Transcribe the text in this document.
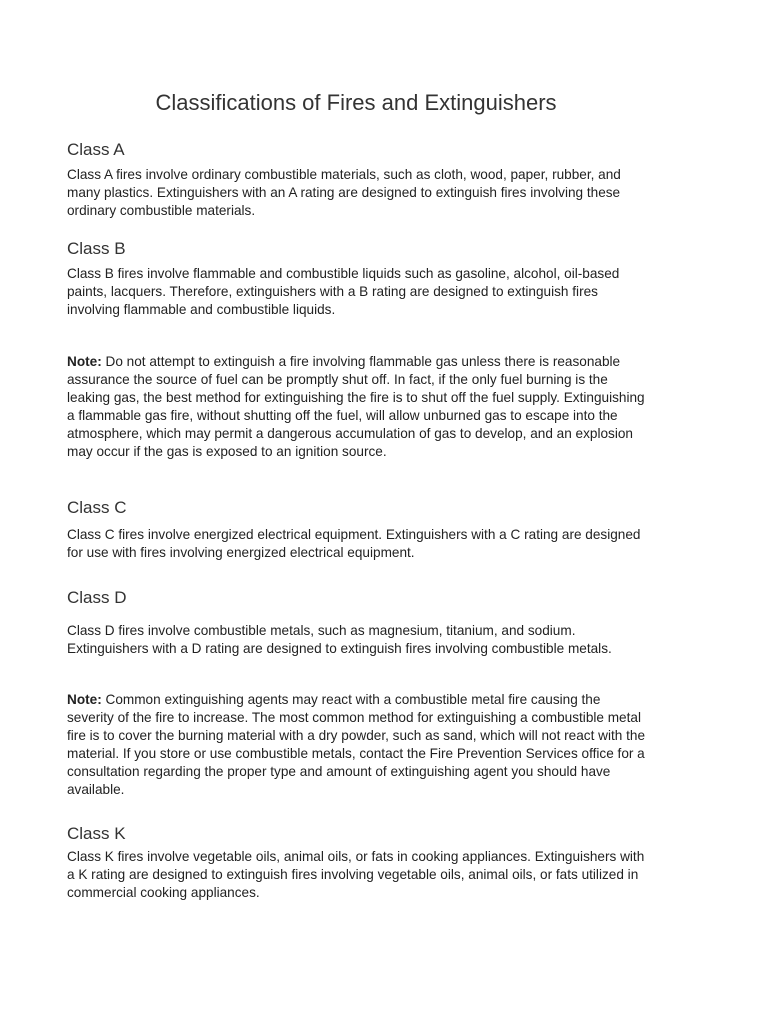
Classifications of Fires and Extinguishers
Class A

Class A fires involve ordinary combustible materials, such as cloth, wood, paper, rubber, and many plastics. Extinguishers with an A rating are designed to extinguish fires involving these ordinary combustible materials.

Class B

Class B fires involve flammable and combustible liquids such as gasoline, alcohol, oil-based paints, lacquers. Therefore, extinguishers with a B rating are designed to extinguish fires involving flammable and combustible liquids.

Note: Do not attempt to extinguish a fire involving flammable gas unless there is reasonable assurance the source of fuel can be promptly shut off. In fact, if the only fuel burning is the leaking gas, the best method for extinguishing the fire is to shut off the fuel supply. Extinguishing a flammable gas fire, without shutting off the fuel, will allow unburned gas to escape into the atmosphere, which may permit a dangerous accumulation of gas to develop, and an explosion may occur if the gas is exposed to an ignition source.

Class C

Class C fires involve energized electrical equipment. Extinguishers with a C rating are designed for use with fires involving energized electrical equipment.

Class D

Class D fires involve combustible metals, such as magnesium, titanium, and sodium. Extinguishers with a D rating are designed to extinguish fires involving combustible metals.

Note: Common extinguishing agents may react with a combustible metal fire causing the severity of the fire to increase. The most common method for extinguishing a combustible metal fire is to cover the burning material with a dry powder, such as sand, which will not react with the material. If you store or use combustible metals, contact the Fire Prevention Services office for a consultation regarding the proper type and amount of extinguishing agent you should have available.

Class K

Class K fires involve vegetable oils, animal oils, or fats in cooking appliances. Extinguishers with a K rating are designed to extinguish fires involving vegetable oils, animal oils, or fats utilized in commercial cooking appliances.
